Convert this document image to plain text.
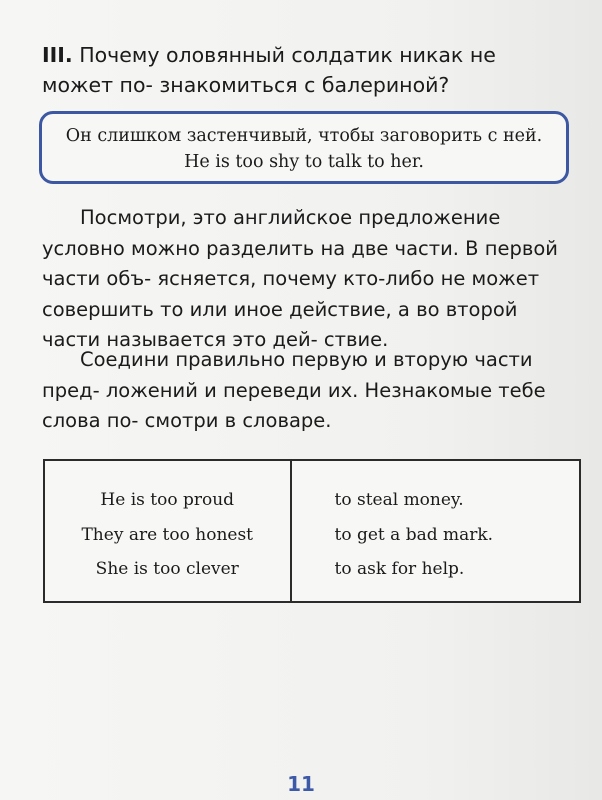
III. Почему оловянный солдатик никак не может по- знакомиться с балериной?
Он слишком застенчивый, чтобы заговорить с ней.
He is too shy to talk to her.
Посмотри, это английское предложение условно можно разделить на две части. В первой части объ- ясняется, почему кто-либо не может совершить то или иное действие, а во второй части называется это дей- ствие.
Соедини правильно первую и вторую части пред- ложений и переведи их. Незнакомые тебе слова по- смотри в словаре.
He is too proud
They are too honest
She is too clever
to steal money.
to get a bad mark.
to ask for help.
11
